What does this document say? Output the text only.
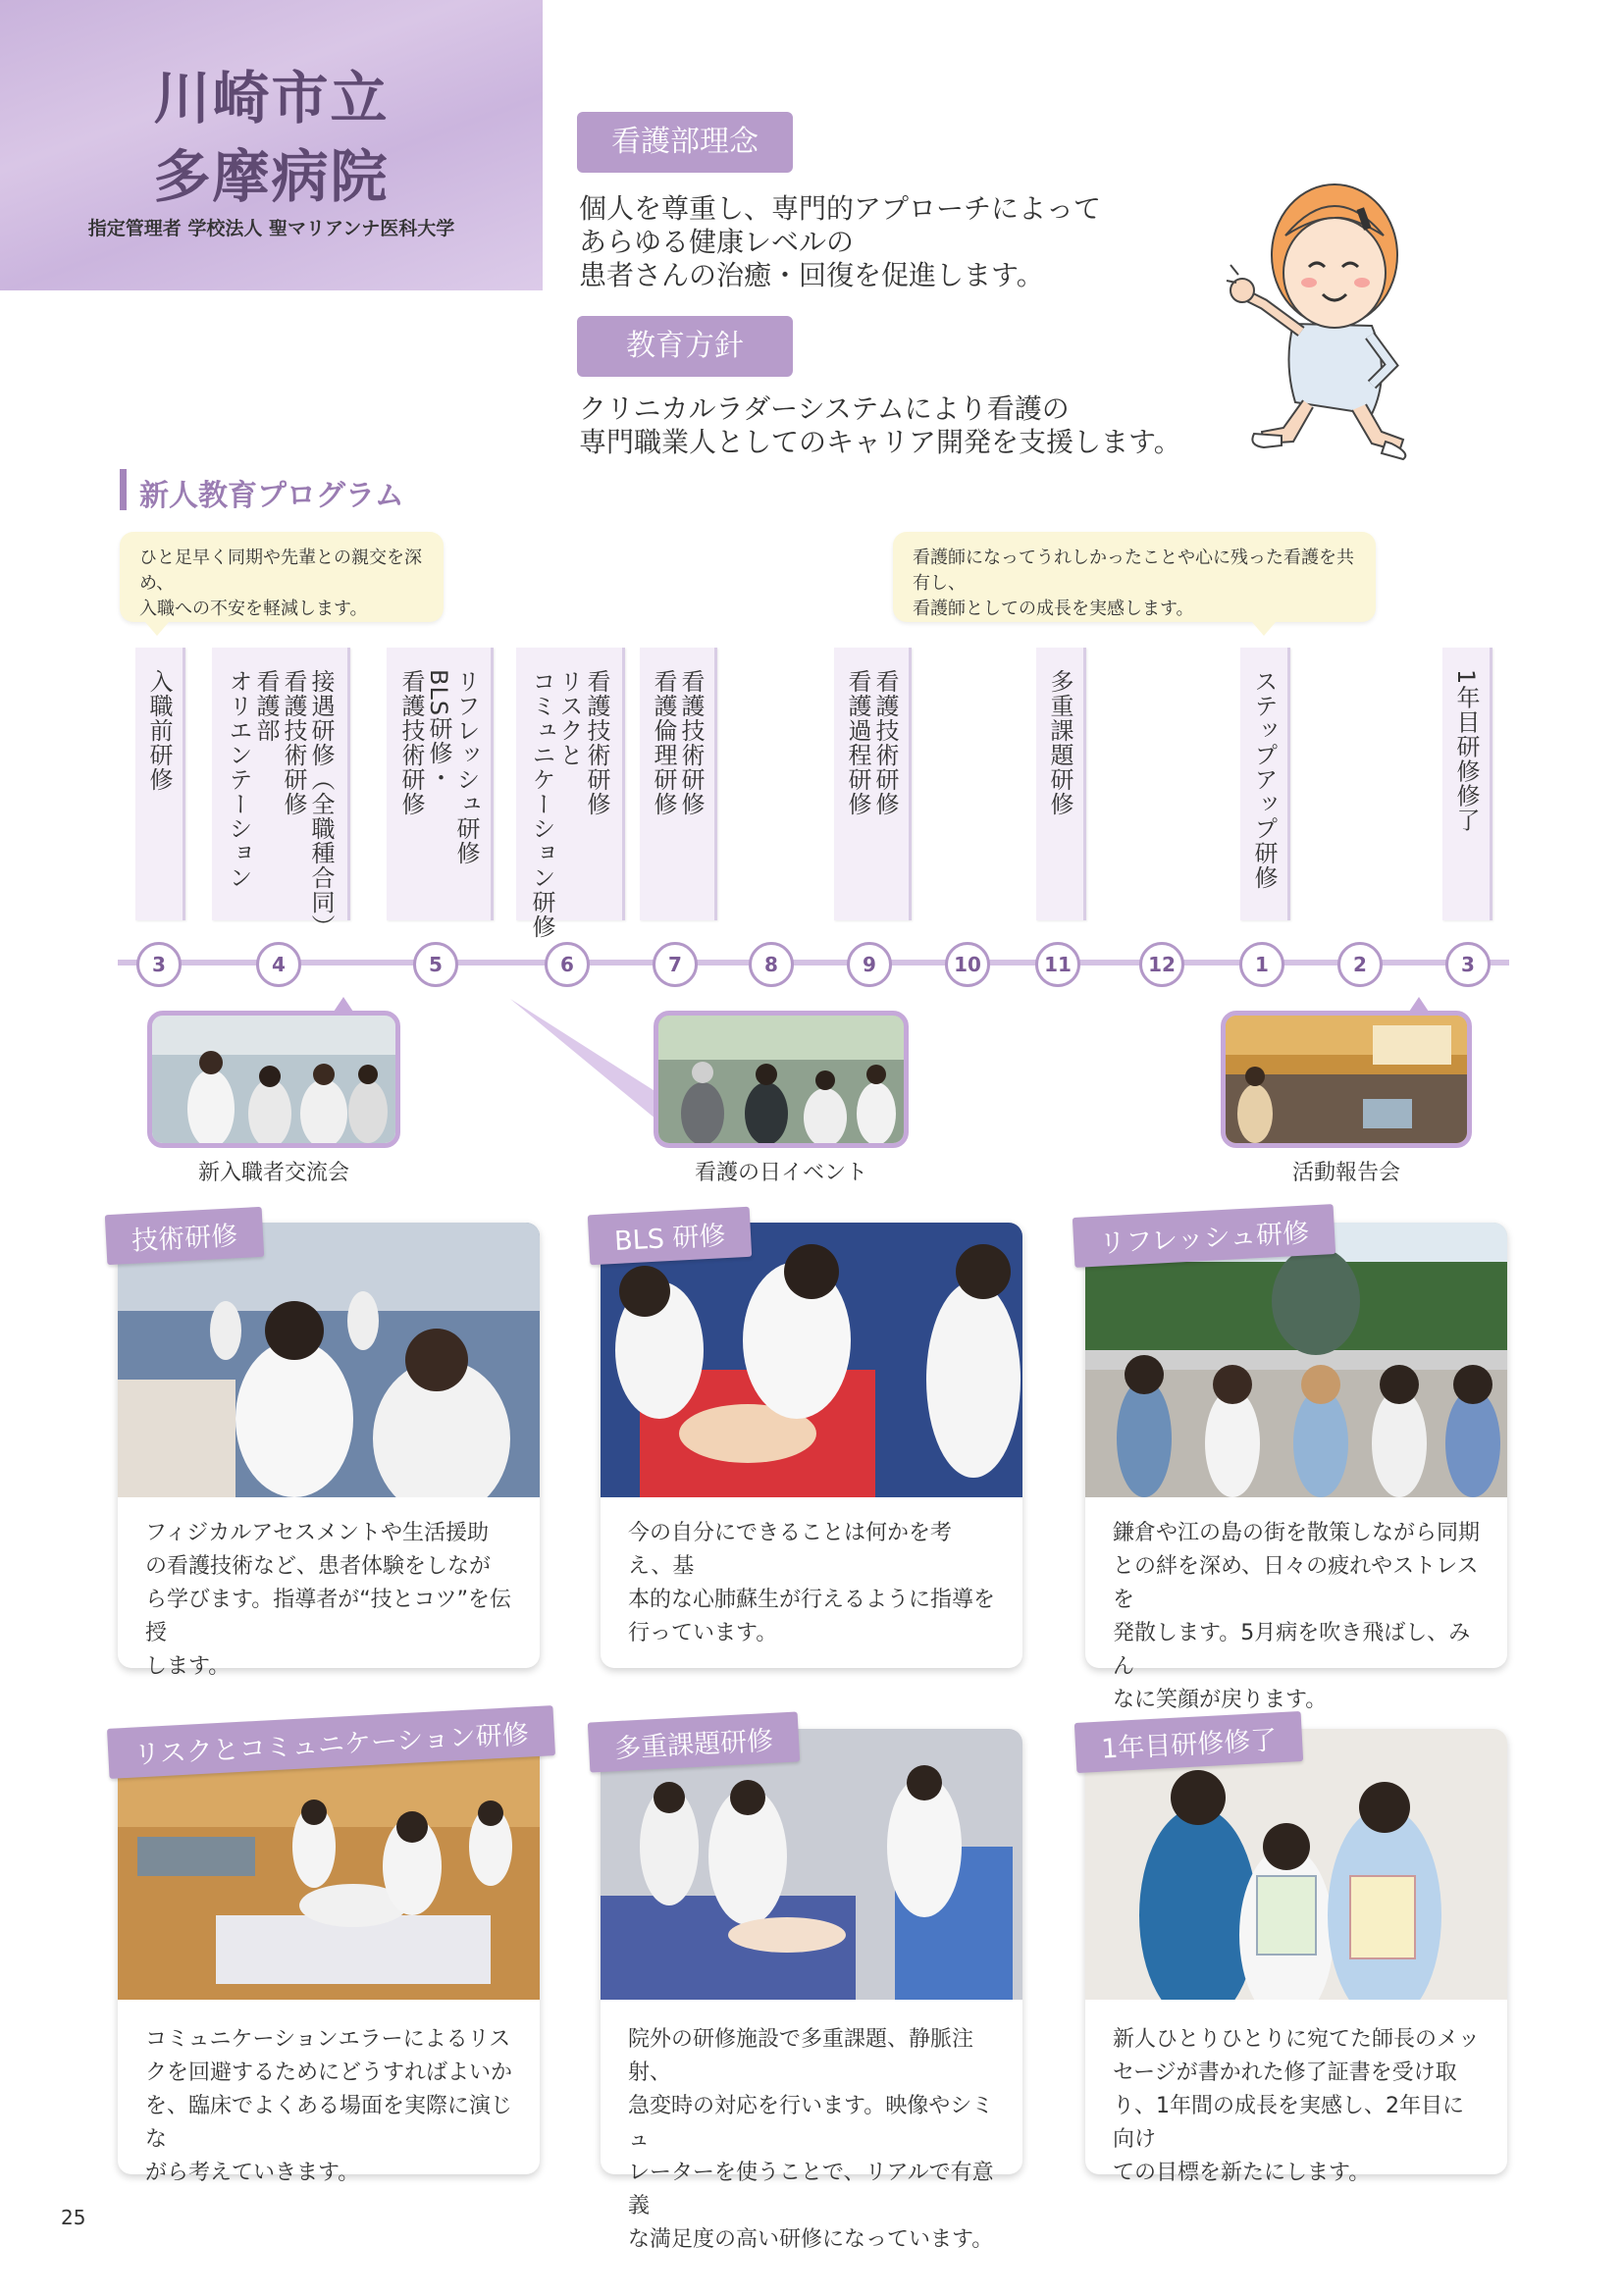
川崎市立
多摩病院
指定管理者 学校法人 聖マリアンナ医科大学
看護部理念
個人を尊重し、専門的アプローチによって
あらゆる健康レベルの
患者さんの治癒・回復を促進します。
教育方針
クリニカルラダーシステムにより看護の
専門職業人としてのキャリア開発を支援します。
新人教育プログラム
ひと足早く同期や先輩との親交を深め、
入職への不安を軽減します。
看護師になってうれしかったことや心に残った看護を共有し、
看護師としての成長を実感します。
入職前研修	接遇研修（全職種合同）
看護技術研修
看護部
オリエンテーション	リフレッシュ研修
BLS研修・
看護技術研修	看護技術研修
リスクと
コミュニケーション研修	看護技術研修
看護倫理研修	看護技術研修
看護過程研修	多重課題研修	ステップアップ研修	1年目研修修了
3	4	5	6	7	8	9	10	11	12	1	2	3
新入職者交流会	看護の日イベント	活動報告会
フィジカルアセスメントや生活援助
の看護技術など、患者体験をしなが
ら学びます。指導者が“技とコツ”を伝授
します。
技術研修
今の自分にできることは何かを考え、基
本的な心肺蘇生が行えるように指導を
行っています。
BLS 研修
鎌倉や江の島の街を散策しながら同期
との絆を深め、日々の疲れやストレスを
発散します。5月病を吹き飛ばし、みん
なに笑顔が戻ります。
リフレッシュ研修
コミュニケーションエラーによるリス
クを回避するためにどうすればよいか
を、臨床でよくある場面を実際に演じな
がら考えていきます。
リスクとコミュニケーション研修
院外の研修施設で多重課題、静脈注射、
急変時の対応を行います。映像やシミュ
レーターを使うことで、リアルで有意義
な満足度の高い研修になっています。
多重課題研修
新人ひとりひとりに宛てた師長のメッ
セージが書かれた修了証書を受け取
り、1年間の成長を実感し、2年目に向け
ての目標を新たにします。
1年目研修修了
25
